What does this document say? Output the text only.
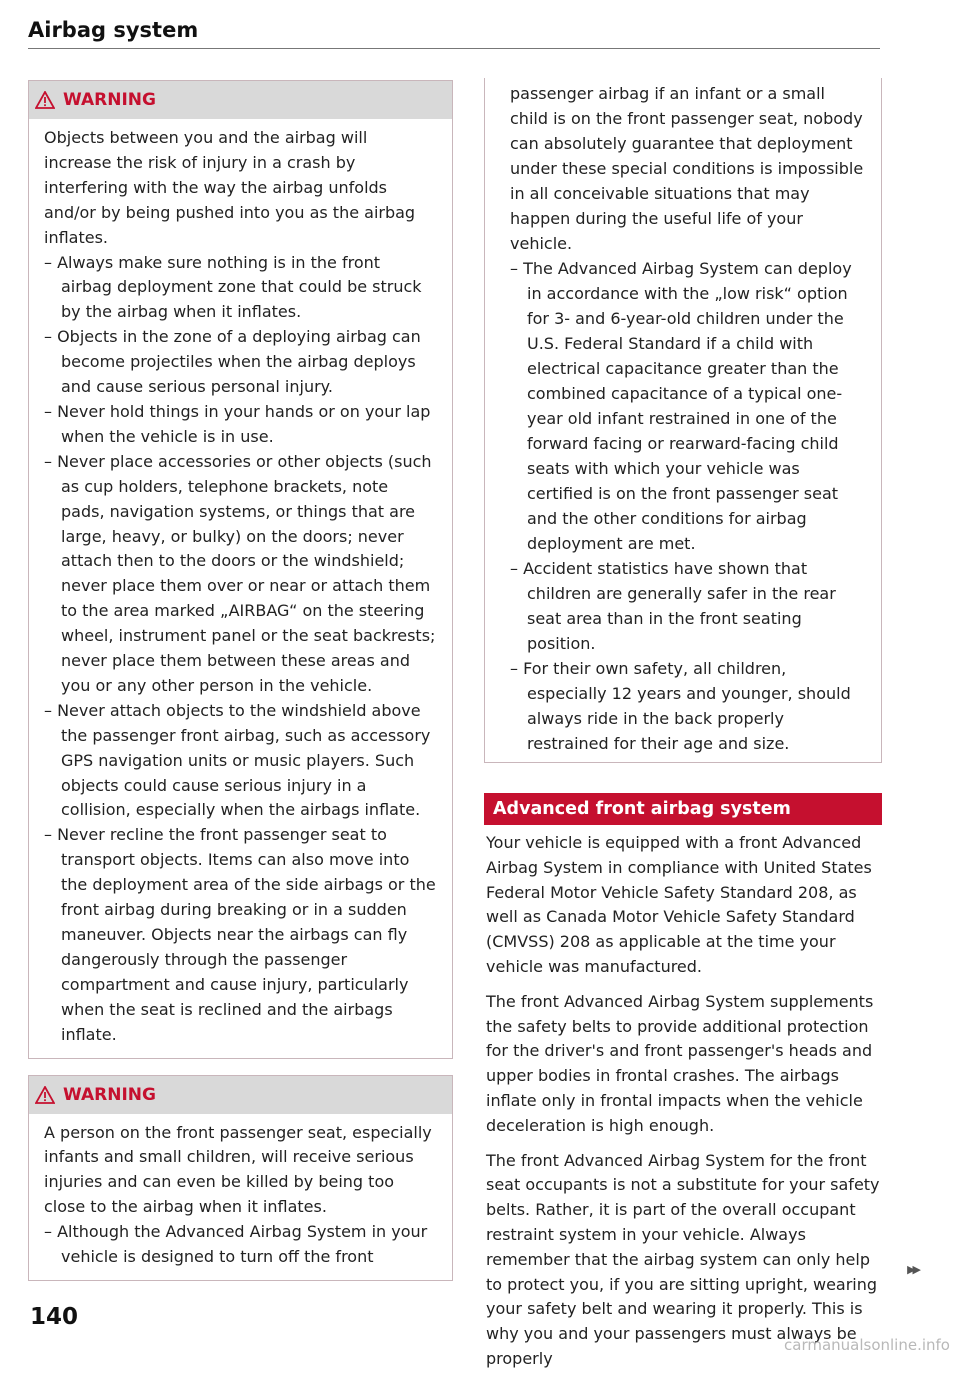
Airbag system
WARNING

Objects between you and the airbag will increase the risk of injury in a crash by interfering with the way the airbag unfolds and/or by being pushed into you as the airbag inflates.

– Always make sure nothing is in the front airbag deployment zone that could be struck by the airbag when it inflates.

– Objects in the zone of a deploying airbag can become projectiles when the airbag deploys and cause serious personal injury.

– Never hold things in your hands or on your lap when the vehicle is in use.

– Never place accessories or other objects (such as cup holders, telephone brackets, note pads, navigation systems, or things that are large, heavy, or bulky) on the doors; never attach then to the doors or the windshield; never place them over or near or attach them to the area marked „AIRBAG“ on the steering wheel, instrument panel or the seat backrests; never place them between these areas and you or any other person in the vehicle.

– Never attach objects to the windshield above the passenger front airbag, such as accessory GPS navigation units or music players. Such objects could cause serious injury in a collision, especially when the airbags inflate.

– Never recline the front passenger seat to transport objects. Items can also move into the deployment area of the side airbags or the front airbag during breaking or in a sudden maneuver. Objects near the airbags can fly dangerously through the passenger compartment and cause injury, particularly when the seat is reclined and the airbags inflate.

WARNING

A person on the front passenger seat, especially infants and small children, will receive serious injuries and can even be killed by being too close to the airbag when it inflates.

– Although the Advanced Airbag System in your vehicle is designed to turn off the front

passenger airbag if an infant or a small child is on the front passenger seat, nobody can absolutely guarantee that deployment under these special conditions is impossible in all conceivable situations that may happen during the useful life of your vehicle.

– The Advanced Airbag System can deploy in accordance with the „low risk“ option for 3- and 6-year-old children under the U.S. Federal Standard if a child with electrical capacitance greater than the combined capacitance of a typical one-year old infant restrained in one of the forward facing or rearward-facing child seats with which your vehicle was certified is on the front passenger seat and the other conditions for airbag deployment are met.

– Accident statistics have shown that children are generally safer in the rear seat area than in the front seating position.

– For their own safety, all children, especially 12 years and younger, should always ride in the back properly restrained for their age and size.

Advanced front airbag system

Your vehicle is equipped with a front Advanced Airbag System in compliance with United States Federal Motor Vehicle Safety Standard 208, as well as Canada Motor Vehicle Safety Standard (CMVSS) 208 as applicable at the time your vehicle was manufactured.

The front Advanced Airbag System supplements the safety belts to provide additional protection for the driver's and front passenger's heads and upper bodies in frontal crashes. The airbags inflate only in frontal impacts when the vehicle deceleration is high enough.

The front Advanced Airbag System for the front seat occupants is not a substitute for your safety belts. Rather, it is part of the overall occupant restraint system in your vehicle. Always remember that the airbag system can only help to protect you, if you are sitting upright, wearing your safety belt and wearing it properly. This is why you and your passengers must always be properly

▶▶
140
carmanualsonline.info
